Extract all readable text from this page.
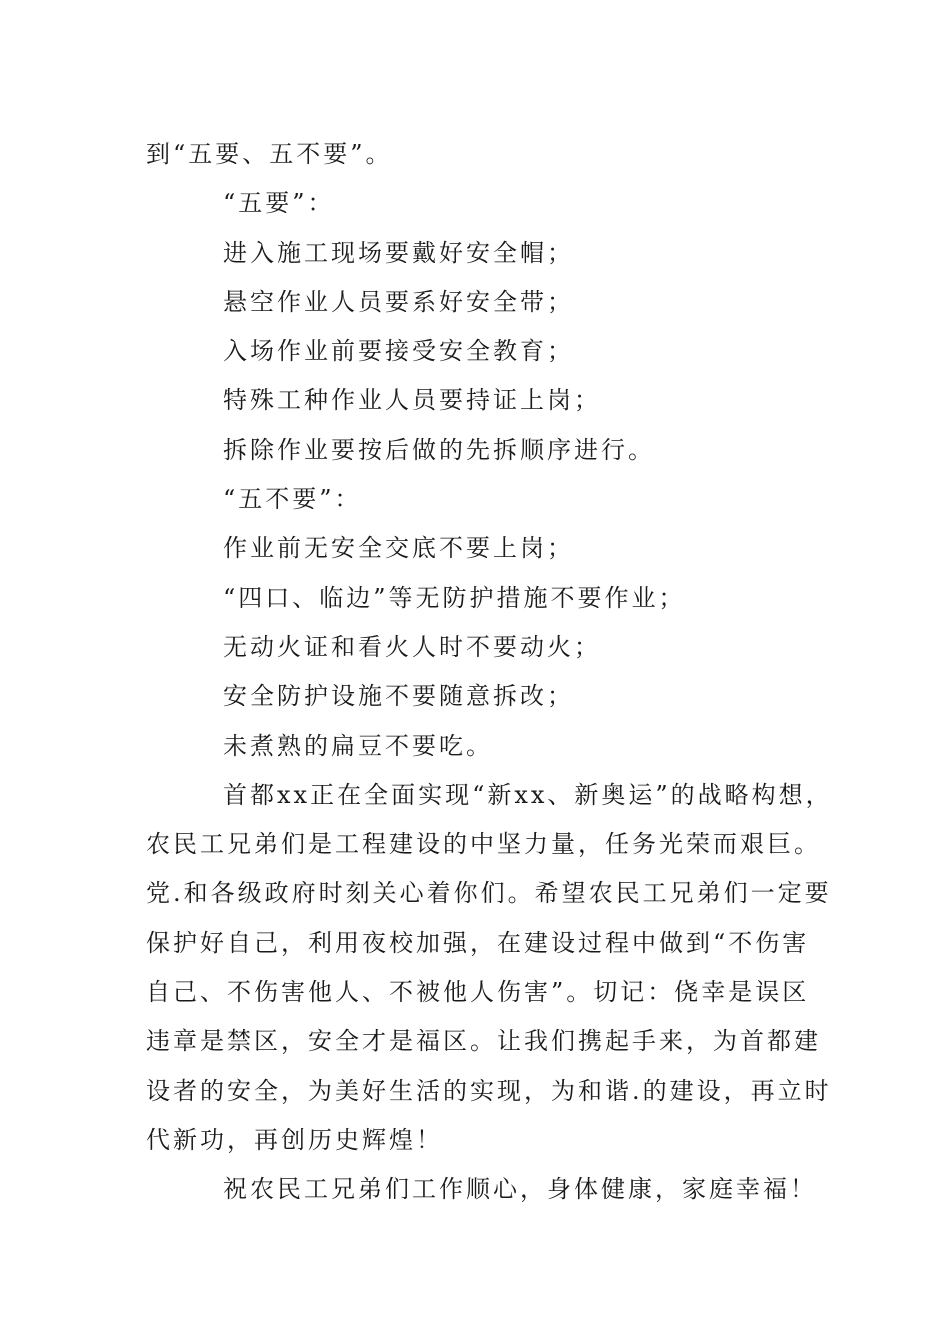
到“五要、五不要”。
“五要”：
进入施工现场要戴好安全帽；
悬空作业人员要系好安全带；
入场作业前要接受安全教育；
特殊工种作业人员要持证上岗；
拆除作业要按后做的先拆顺序进行。
“五不要”：
作业前无安全交底不要上岗；
“四口、临边”等无防护措施不要作业；
无动火证和看火人时不要动火；
安全防护设施不要随意拆改；
未煮熟的扁豆不要吃。
首都xx正在全面实现“新xx、新奥运”的战略构想，
农民工兄弟们是工程建设的中坚力量，任务光荣而艰巨。
党.和各级政府时刻关心着你们。希望农民工兄弟们一定要
保护好自己，利用夜校加强，在建设过程中做到“不伤害
自己、不伤害他人、不被他人伤害”。切记：侥幸是误区
违章是禁区，安全才是福区。让我们携起手来，为首都建
设者的安全，为美好生活的实现，为和谐.的建设，再立时
代新功，再创历史辉煌！
祝农民工兄弟们工作顺心，身体健康，家庭幸福！
